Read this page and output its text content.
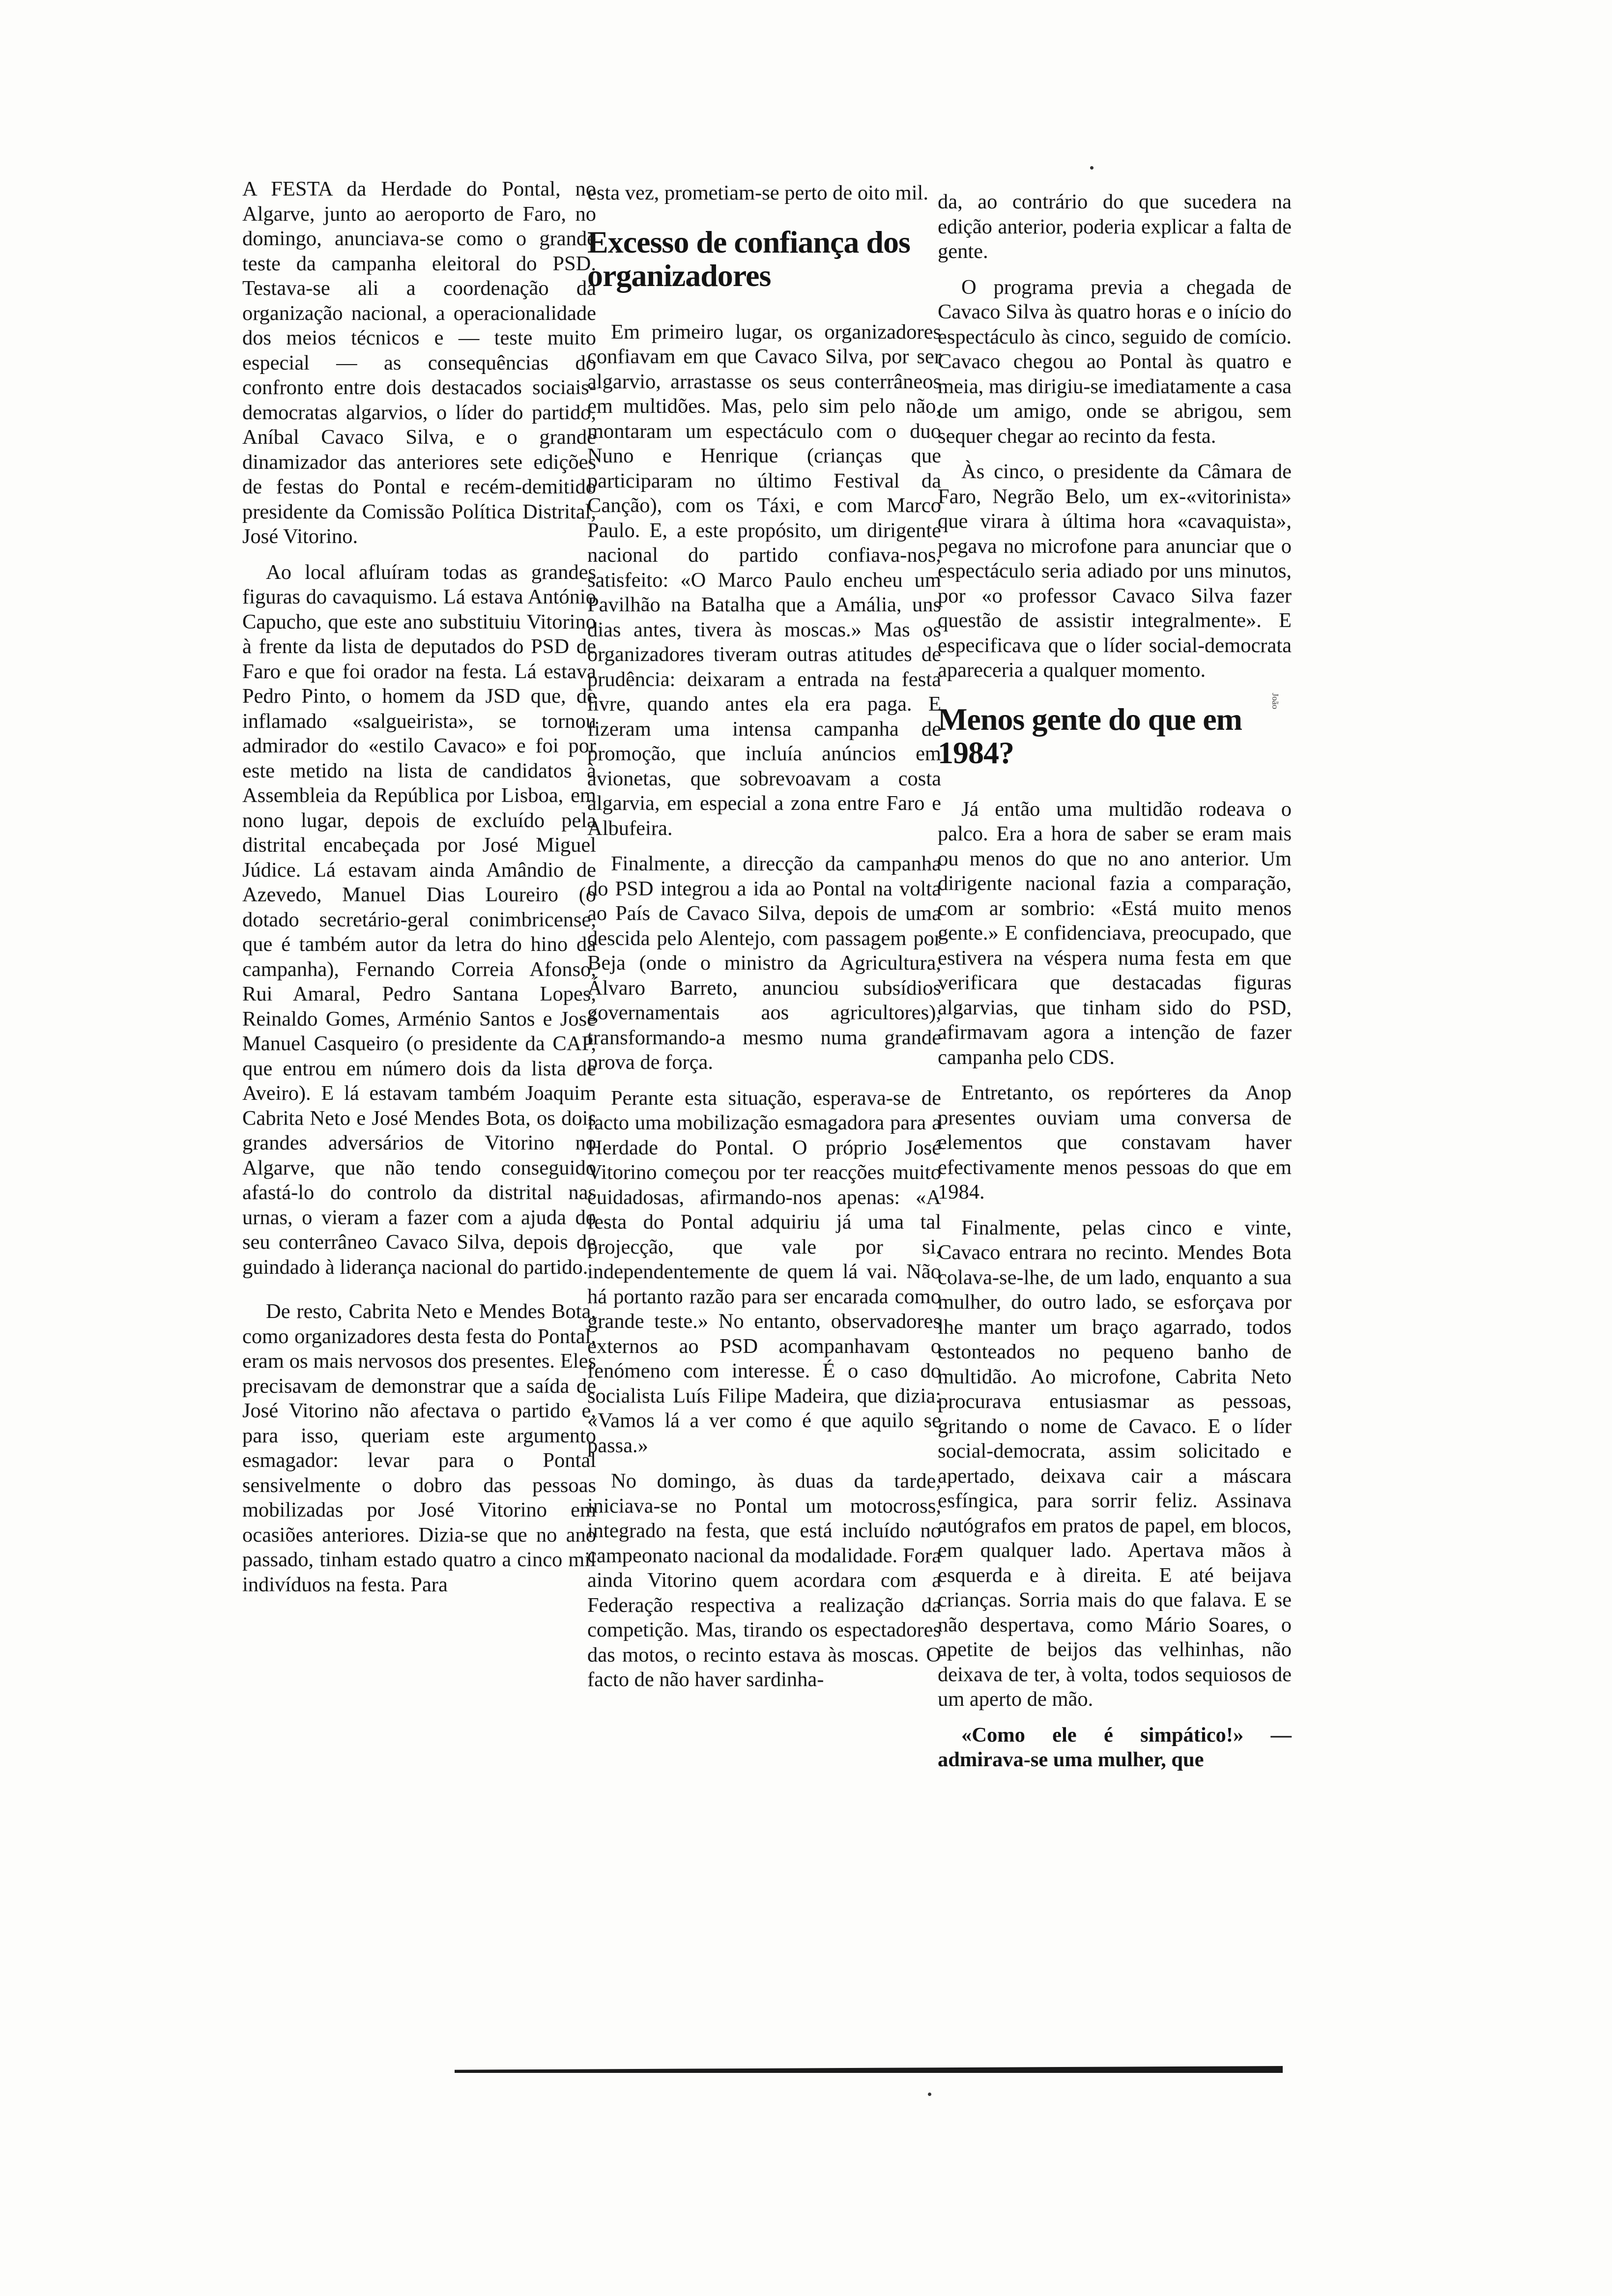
A FESTA da Herdade do Pontal, no Algarve, junto ao aeroporto de Faro, no domingo, anunciava-se como o grande teste da campanha eleitoral do PSD. Testava-se ali a coordenação da organização nacional, a operacionalidade dos meios técnicos e — teste muito especial — as consequências do confronto entre dois destacados sociais-democratas algarvios, o líder do partido, Aníbal Cavaco Silva, e o grande dinamizador das anteriores sete edições de festas do Pontal e recém-demitido presidente da Comissão Política Distrital, José Vitorino.

Ao local afluíram todas as grandes figuras do cavaquismo. Lá estava António Capucho, que este ano substituiu Vitorino à frente da lista de deputados do PSD de Faro e que foi orador na festa. Lá estava Pedro Pinto, o homem da JSD que, de inflamado «salgueirista», se tornou admirador do «estilo Cavaco» e foi por este metido na lista de candidatos à Assembleia da República por Lisboa, em nono lugar, depois de excluído pela distrital encabeçada por José Miguel Júdice. Lá estavam ainda Amândio de Azevedo, Manuel Dias Loureiro (o dotado secretário-geral conimbricense, que é também autor da letra do hino da campanha), Fernando Correia Afonso, Rui Amaral, Pedro Santana Lopes, Reinaldo Gomes, Arménio Santos e José Manuel Casqueiro (o presidente da CAP, que entrou em número dois da lista de Aveiro). E lá estavam também Joaquim Cabrita Neto e José Mendes Bota, os dois grandes adversários de Vitorino no Algarve, que não tendo conseguido afastá-lo do controlo da distrital nas urnas, o vieram a fazer com a ajuda do seu conterrâneo Cavaco Silva, depois de guindado à liderança nacional do partido.

De resto, Cabrita Neto e Mendes Bota, como organizadores desta festa do Pontal, eram os mais nervosos dos presentes. Eles precisavam de demonstrar que a saída de José Vitorino não afectava o partido e, para isso, queriam este argumento esmagador: levar para o Pontal sensivelmente o dobro das pessoas mobilizadas por José Vitorino em ocasiões anteriores. Dizia-se que no ano passado, tinham estado quatro a cinco mil indivíduos na festa. Para

esta vez, prometiam-se perto de oito mil.

Excesso de confiança dos organizadores

Em primeiro lugar, os organizadores confiavam em que Cavaco Silva, por ser algarvio, arrastasse os seus conterrâneos em multidões. Mas, pelo sim pelo não, montaram um espectáculo com o duo Nuno e Henrique (crianças que participaram no último Festival da Canção), com os Táxi, e com Marco Paulo. E, a este propósito, um dirigente nacional do partido confiava-nos, satisfeito: «O Marco Paulo encheu um Pavilhão na Batalha que a Amália, uns dias antes, tivera às moscas.» Mas os organizadores tiveram outras atitudes de prudência: deixaram a entrada na festa livre, quando antes ela era paga. E fizeram uma intensa campanha de promoção, que incluía anúncios em avionetas, que sobrevoavam a costa algarvia, em especial a zona entre Faro e Albufeira.

Finalmente, a direcção da campanha do PSD integrou a ida ao Pontal na volta ao País de Cavaco Silva, depois de uma descida pelo Alentejo, com passagem por Beja (onde o ministro da Agricultura, Álvaro Barreto, anunciou subsídios governamentais aos agricultores), transformando-a mesmo numa grande prova de força.

Perante esta situação, esperava-se de facto uma mobilização esmagadora para a Herdade do Pontal. O próprio José Vitorino começou por ter reacções muito cuidadosas, afirmando-nos apenas: «A festa do Pontal adquiriu já uma tal projecção, que vale por si, independentemente de quem lá vai. Não há portanto razão para ser encarada como grande teste.» No entanto, observadores externos ao PSD acompanhavam o fenómeno com interesse. É o caso do socialista Luís Filipe Madeira, que dizia: «Vamos lá a ver como é que aquilo se passa.»

No domingo, às duas da tarde, iniciava-se no Pontal um motocross, integrado na festa, que está incluído no campeonato nacional da modalidade. Fora ainda Vitorino quem acordara com a Federação respectiva a realização da competição. Mas, tirando os espectadores das motos, o recinto estava às moscas. O facto de não haver sardinha-

da, ao contrário do que sucedera na edição anterior, poderia explicar a falta de gente.

O programa previa a chegada de Cavaco Silva às quatro horas e o início do espectáculo às cinco, seguido de comício. Cavaco chegou ao Pontal às quatro e meia, mas dirigiu-se imediatamente a casa de um amigo, onde se abrigou, sem sequer chegar ao recinto da festa.

Às cinco, o presidente da Câmara de Faro, Negrão Belo, um ex-«vitorinista» que virara à última hora «cavaquista», pegava no microfone para anunciar que o espectáculo seria adiado por uns minutos, por «o professor Cavaco Silva fazer questão de assistir integralmente». E especificava que o líder social-democrata apareceria a qualquer momento.

Menos gente do que em 1984?

Já então uma multidão rodeava o palco. Era a hora de saber se eram mais ou menos do que no ano anterior. Um dirigente nacional fazia a comparação, com ar sombrio: «Está muito menos gente.» E confidenciava, preocupado, que estivera na véspera numa festa em que verificara que destacadas figuras algarvias, que tinham sido do PSD, afirmavam agora a intenção de fazer campanha pelo CDS.

Entretanto, os repórteres da Anop presentes ouviam uma conversa de elementos que constavam haver efectivamente menos pessoas do que em 1984.

Finalmente, pelas cinco e vinte, Cavaco entrara no recinto. Mendes Bota colava-se-lhe, de um lado, enquanto a sua mulher, do outro lado, se esforçava por lhe manter um braço agarrado, todos estonteados no pequeno banho de multidão. Ao microfone, Cabrita Neto procurava entusiasmar as pessoas, gritando o nome de Cavaco. E o líder social-democrata, assim solicitado e apertado, deixava cair a máscara esfíngica, para sorrir feliz. Assinava autógrafos em pratos de papel, em blocos, em qualquer lado. Apertava mãos à esquerda e à direita. E até beijava crianças. Sorria mais do que falava. E se não despertava, como Mário Soares, o apetite de beijos das velhinhas, não deixava de ter, à volta, todos sequiosos de um aperto de mão.

«Como ele é simpático!» — admirava-se uma mulher, que

João
